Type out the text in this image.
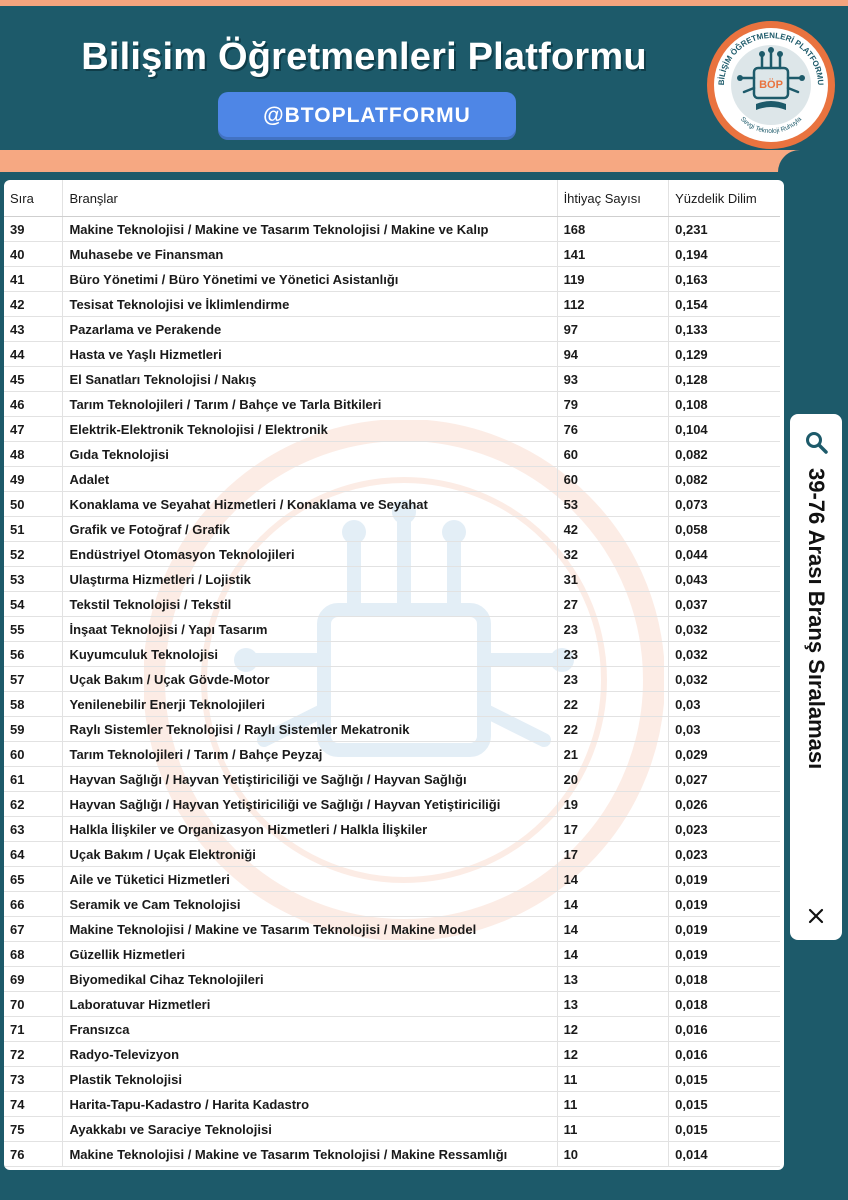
Bilişim Öğretmenleri Platformu
@BTOPLATFORMU
BİLİŞİM ÖĞRETMENLERİ PLATFORMU
BÖP
Sevgi Teknoloji Ruhuyla
Sıra	Branşlar	İhtiyaç Sayısı	Yüzdelik Dilim
39	Makine Teknolojisi / Makine ve Tasarım Teknolojisi / Makine ve Kalıp	168	0,231
40	Muhasebe ve Finansman	141	0,194
41	Büro Yönetimi / Büro Yönetimi ve Yönetici Asistanlığı	119	0,163
42	Tesisat Teknolojisi ve İklimlendirme	112	0,154
43	Pazarlama ve Perakende	97	0,133
44	Hasta ve Yaşlı Hizmetleri	94	0,129
45	El Sanatları Teknolojisi / Nakış	93	0,128
46	Tarım Teknolojileri / Tarım / Bahçe ve Tarla Bitkileri	79	0,108
47	Elektrik-Elektronik Teknolojisi / Elektronik	76	0,104
48	Gıda Teknolojisi	60	0,082
49	Adalet	60	0,082
50	Konaklama ve Seyahat Hizmetleri / Konaklama ve Seyahat	53	0,073
51	Grafik ve Fotoğraf / Grafik	42	0,058
52	Endüstriyel Otomasyon Teknolojileri	32	0,044
53	Ulaştırma Hizmetleri / Lojistik	31	0,043
54	Tekstil Teknolojisi / Tekstil	27	0,037
55	İnşaat Teknolojisi / Yapı Tasarım	23	0,032
56	Kuyumculuk Teknolojisi	23	0,032
57	Uçak Bakım / Uçak Gövde-Motor	23	0,032
58	Yenilenebilir Enerji Teknolojileri	22	0,03
59	Raylı Sistemler Teknolojisi / Raylı Sistemler Mekatronik	22	0,03
60	Tarım Teknolojileri / Tarım / Bahçe Peyzaj	21	0,029
61	Hayvan Sağlığı / Hayvan Yetiştiriciliği ve Sağlığı / Hayvan Sağlığı	20	0,027
62	Hayvan Sağlığı / Hayvan Yetiştiriciliği ve Sağlığı / Hayvan Yetiştiriciliği	19	0,026
63	Halkla İlişkiler ve Organizasyon Hizmetleri / Halkla İlişkiler	17	0,023
64	Uçak Bakım / Uçak Elektroniği	17	0,023
65	Aile ve Tüketici Hizmetleri	14	0,019
66	Seramik ve Cam Teknolojisi	14	0,019
67	Makine Teknolojisi / Makine ve Tasarım Teknolojisi / Makine Model	14	0,019
68	Güzellik Hizmetleri	14	0,019
69	Biyomedikal Cihaz Teknolojileri	13	0,018
70	Laboratuvar Hizmetleri	13	0,018
71	Fransızca	12	0,016
72	Radyo-Televizyon	12	0,016
73	Plastik Teknolojisi	11	0,015
74	Harita-Tapu-Kadastro / Harita Kadastro	11	0,015
75	Ayakkabı ve Saraciye Teknolojisi	11	0,015
76	Makine Teknolojisi / Makine ve Tasarım Teknolojisi / Makine Ressamlığı	10	0,014
39-76 Arası Branş Sıralaması
